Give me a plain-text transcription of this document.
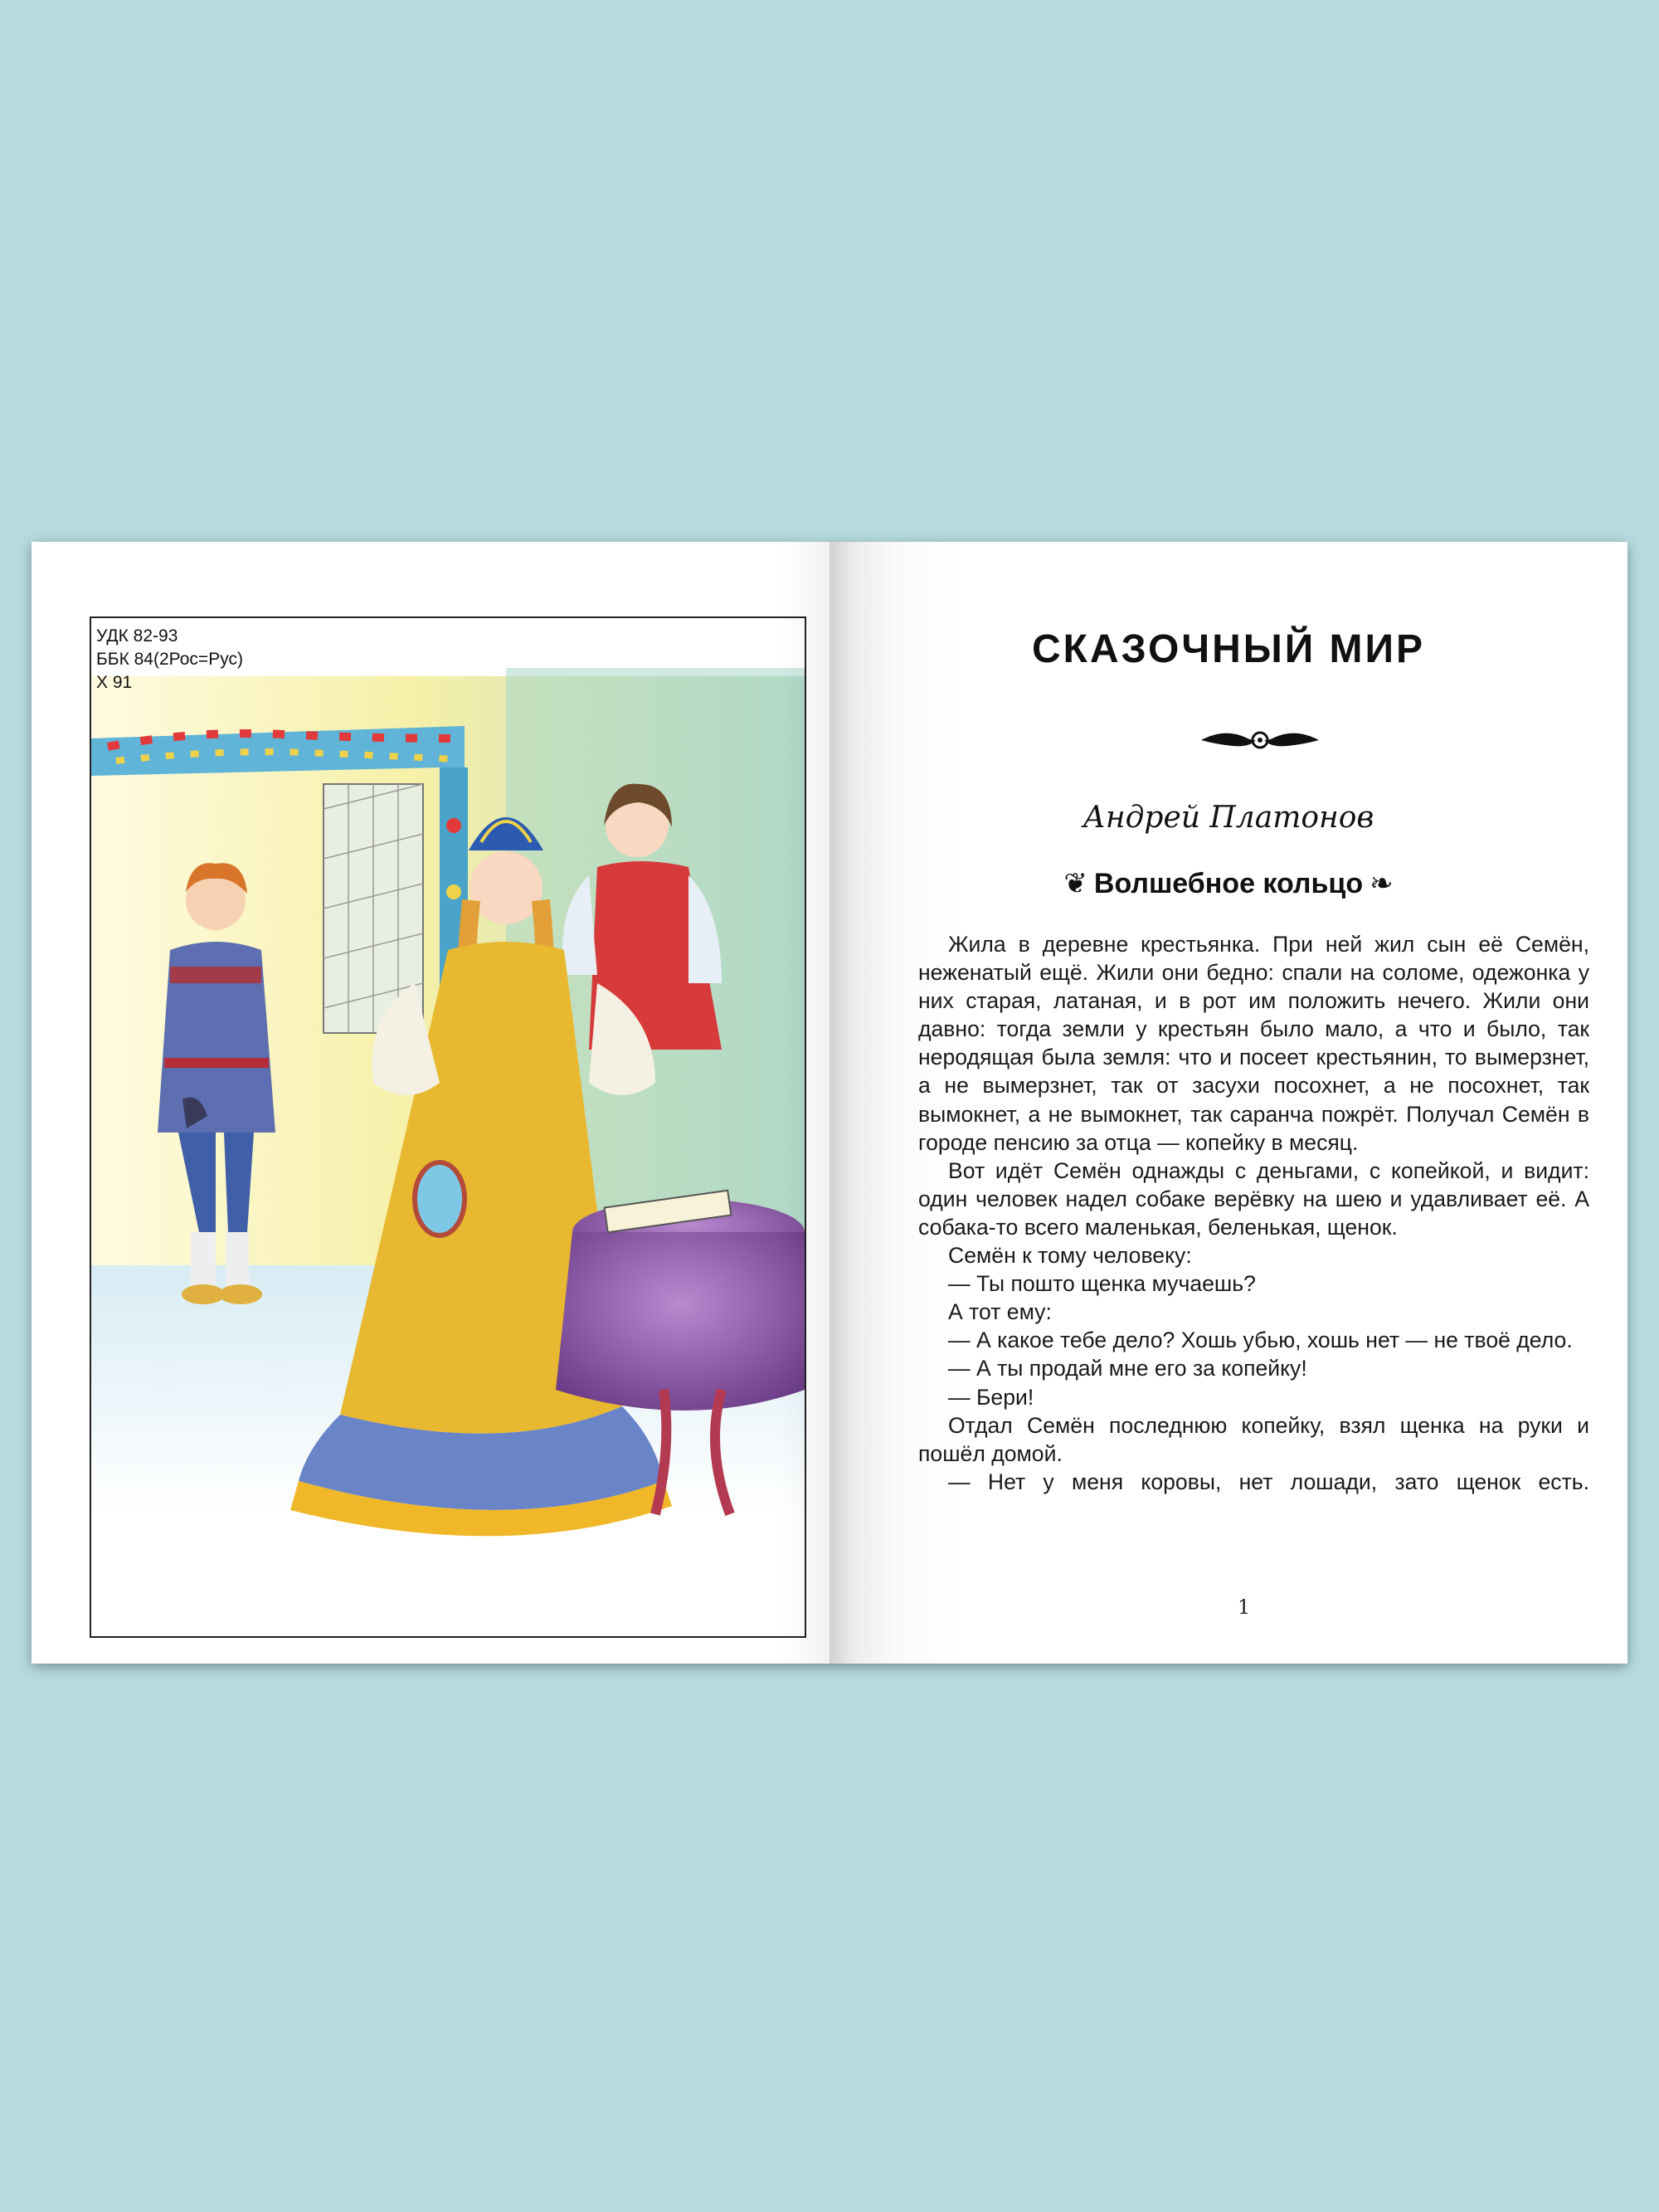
УДК 82-93
ББК 84(2Рос=Рус)
Х 91
СКАЗОЧНЫЙ МИР
Андрей Платонов
❦ Волшебное кольцо ❧

Жила в деревне крестьянка. При ней жил сын её Семён, неженатый ещё. Жили они бедно: спали на соломе, одежонка у них старая, латаная, и в рот им положить нечего. Жили они давно: тогда земли у крестьян было мало, а что и было, так неродящая была земля: что и посеет крестьянин, то вымерзнет, а не вымерзнет, так от засухи посохнет, а не посохнет, так вымокнет, а не вымокнет, так саранча пожрёт. Получал Семён в городе пенсию за отца — копейку в месяц.

Вот идёт Семён однажды с деньгами, с копейкой, и видит: один человек надел собаке верёвку на шею и удавливает её. А собака-то всего маленькая, беленькая, щенок.

Семён к тому человеку:

— Ты пошто щенка мучаешь?

А тот ему:

— А какое тебе дело? Хошь убью, хошь нет — не твоё дело.

— А ты продай мне его за копейку!

— Бери!

Отдал Семён последнюю копейку, взял щенка на руки и пошёл домой.

— Нет у меня коровы, нет лошади, зато щенок есть.

1
